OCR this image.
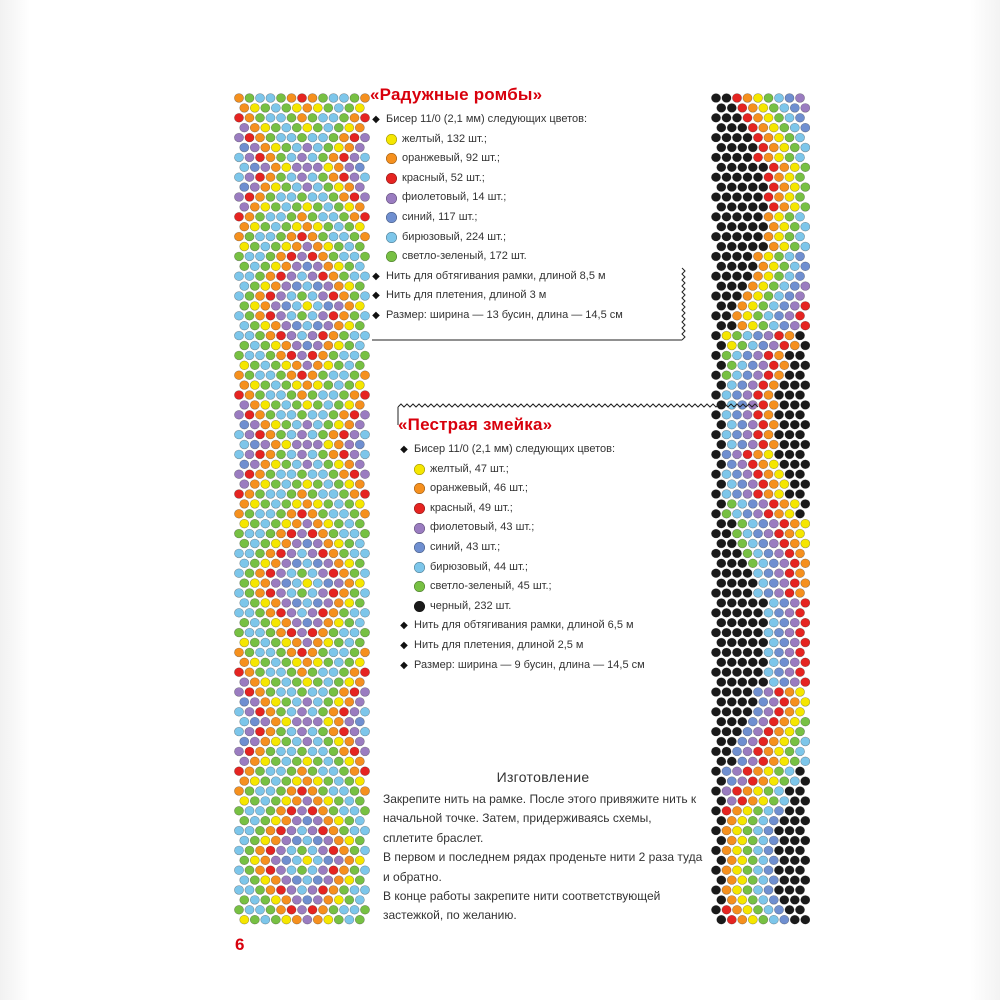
«Радужные ромбы»
◆ Бисер 11/0 (2,1 мм) следующих цветов:
желтый, 132 шт.;
оранжевый, 92 шт.;
красный, 52 шт.;
фиолетовый, 14 шт.;
синий, 117 шт.;
бирюзовый, 224 шт.;
светло-зеленый, 172 шт.
◆ Нить для обтягивания рамки, длиной 8,5 м
◆ Нить для плетения, длиной 3 м
◆ Размер: ширина — 13 бусин, длина — 14,5 см
«Пестрая змейка»
◆ Бисер 11/0 (2,1 мм) следующих цветов:
желтый, 47 шт.;
оранжевый, 46 шт.;
красный, 49 шт.;
фиолетовый, 43 шт.;
синий, 43 шт.;
бирюзовый, 44 шт.;
светло-зеленый, 45 шт.;
черный, 232 шт.
◆ Нить для обтягивания рамки, длиной 6,5 м
◆ Нить для плетения, длиной 2,5 м
◆ Размер: ширина — 9 бусин, длина — 14,5 см
Изготовление

Закрепите нить на рамке. После этого привяжите нить к начальной точке. Затем, придерживаясь схемы, сплетите браслет.

В первом и последнем рядах проденьте нити 2 раза туда и обратно.

В конце работы закрепите нити соответствующей застежкой, по желанию.

6
